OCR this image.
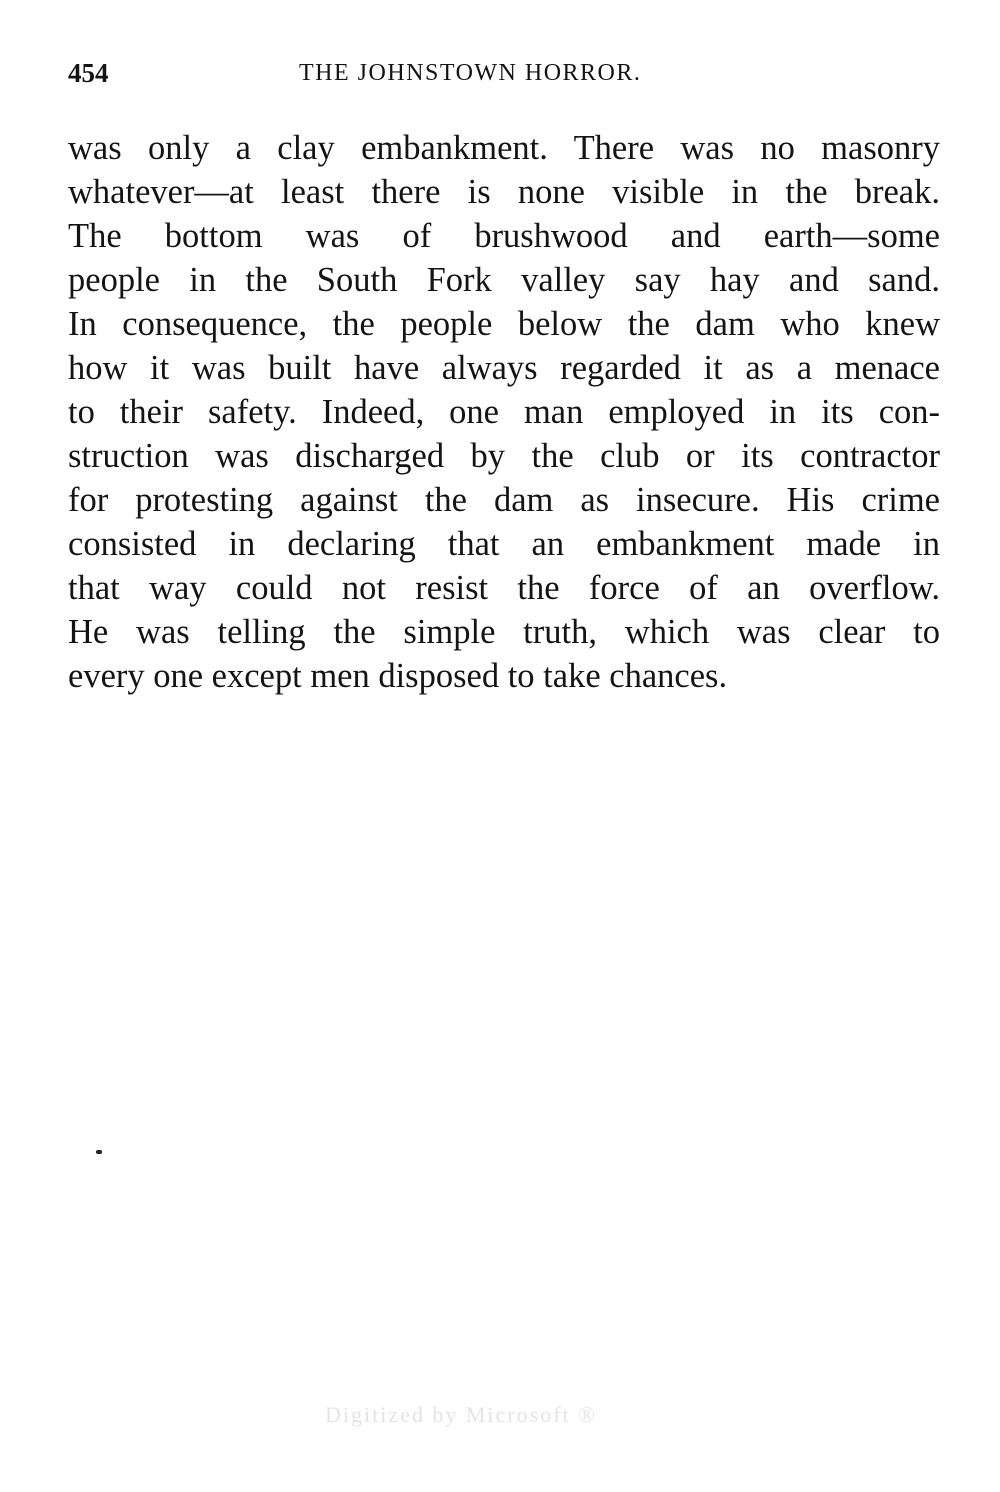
454	THE JOHNSTOWN HORROR.
was only a clay embankment. There was no masonry
whatever—at least there is none visible in the break.
The bottom was of brushwood and earth—some
people in the South Fork valley say hay and sand.
In consequence, the people below the dam who knew
how it was built have always regarded it as a menace
to their safety. Indeed, one man employed in its con-
struction was discharged by the club or its contractor
for protesting against the dam as insecure. His crime
consisted in declaring that an embankment made in
that way could not resist the force of an overflow.
He was telling the simple truth, which was clear to
every one except men disposed to take chances.
Digitized by Microsoft ®
